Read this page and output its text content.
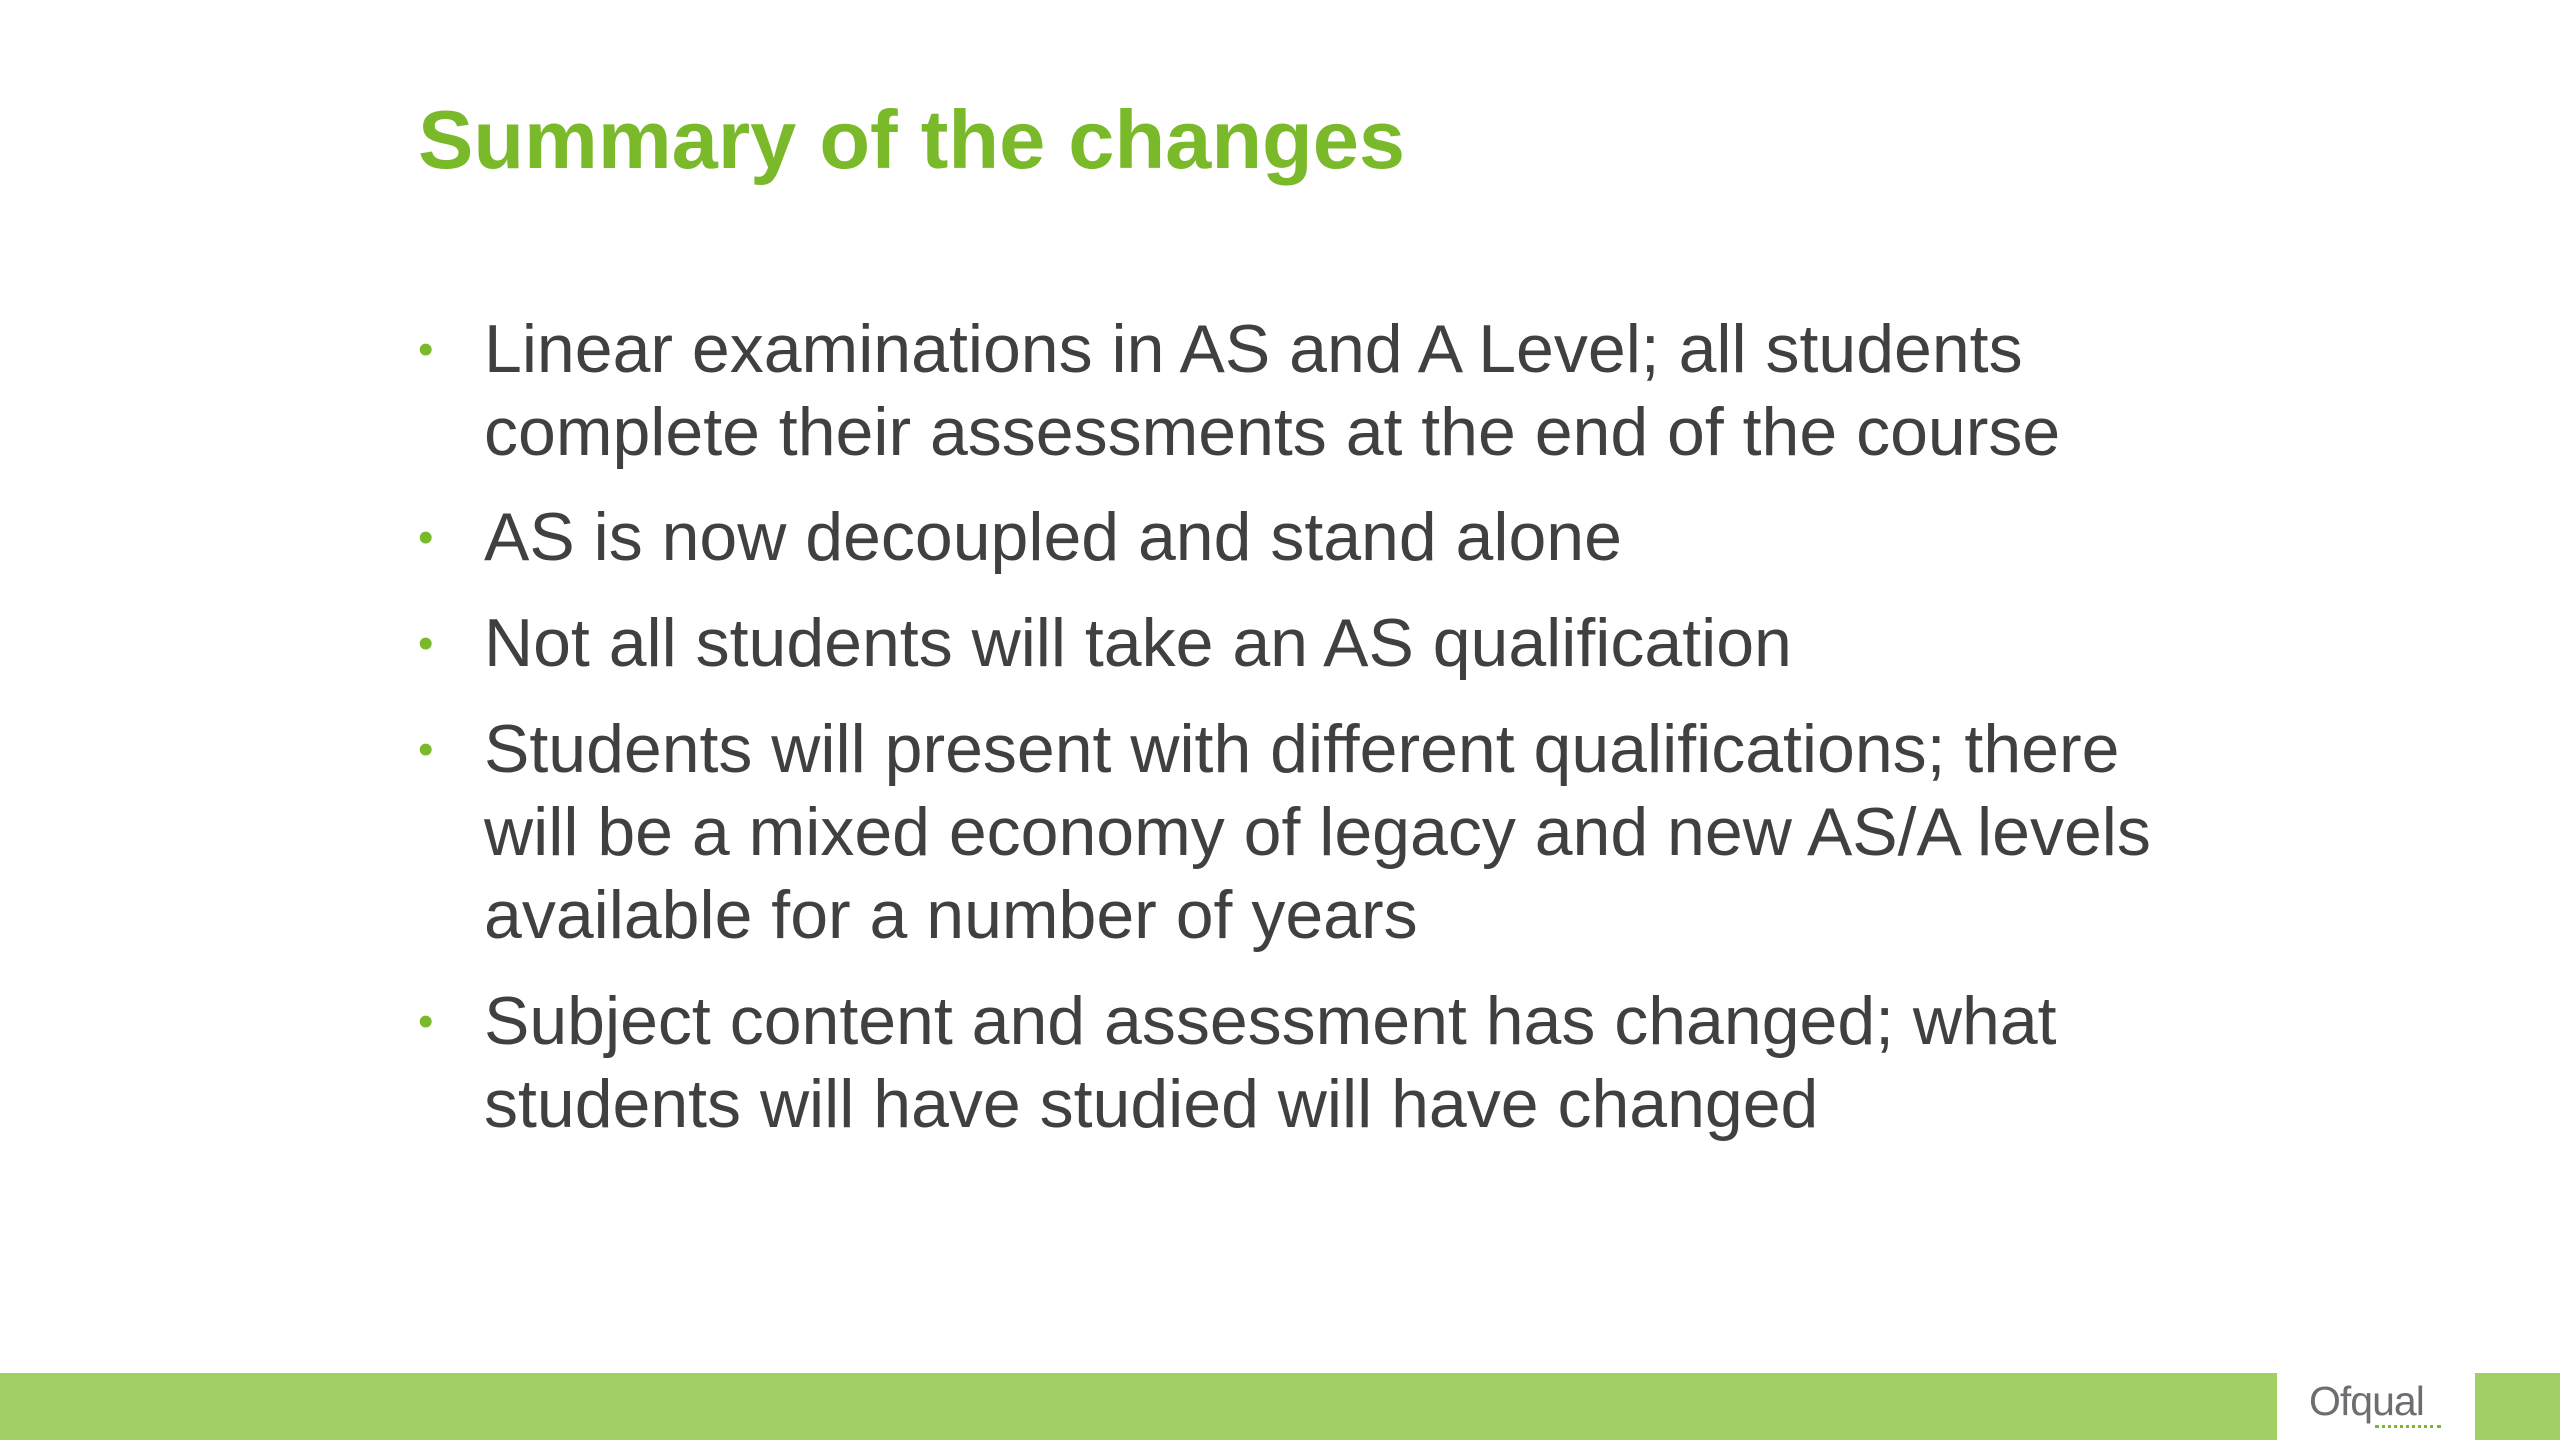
Summary of the changes
• Linear examinations in AS and A Level; all students complete their assessments at the end of the course
• AS is now decoupled and stand alone
• Not all students will take an AS qualification
• Students will present with different qualifications; there will be a mixed economy of legacy and new AS/A levels available for a number of years
• Subject content and assessment has changed; what students will have studied will have changed
Ofqual
